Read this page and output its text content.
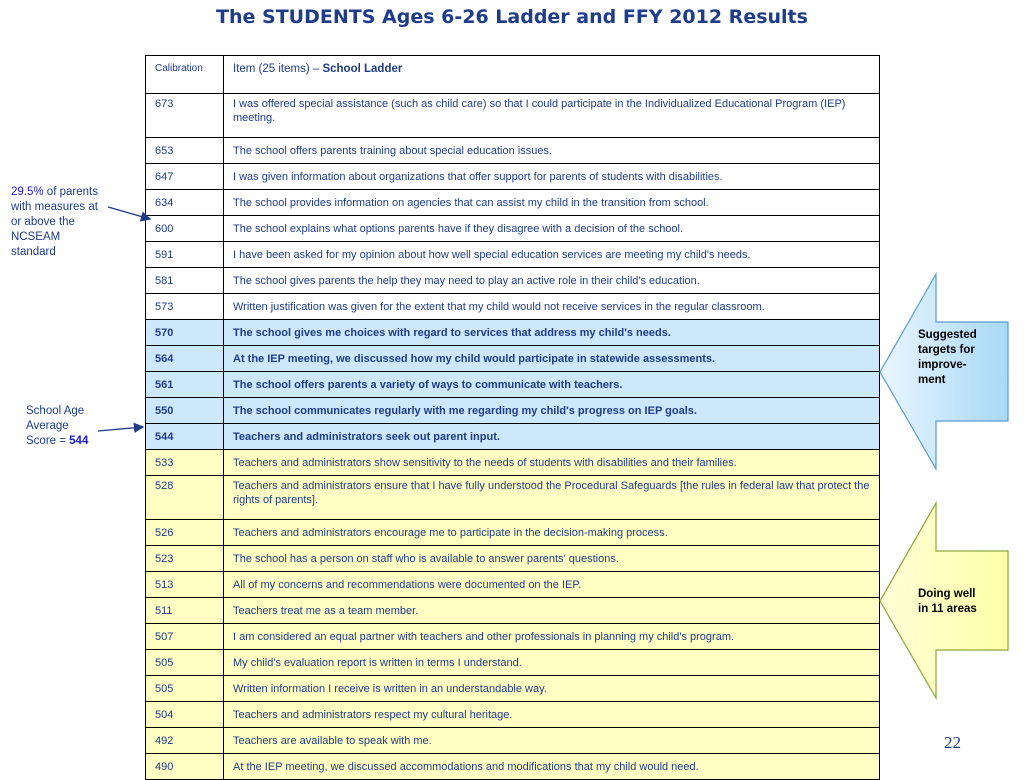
The STUDENTS Ages 6-26 Ladder and FFY 2012 Results
Calibration	Item (25 items) – School Ladder
673	I was offered special assistance (such as child care) so that I could participate in the Individualized Educational Program (IEP) meeting.
653	The school offers parents training about special education issues.
647	I was given information about organizations that offer support for parents of students with disabilities.
634	The school provides information on agencies that can assist my child in the transition from school.
600	The school explains what options parents have if they disagree with a decision of the school.
591	I have been asked for my opinion about how well special education services are meeting my child's needs.
581	The school gives parents the help they may need to play an active role in their child's education.
573	Written justification was given for the extent that my child would not receive services in the regular classroom.
570	The school gives me choices with regard to services that address my child's needs.
564	At the IEP meeting, we discussed how my child would participate in statewide assessments.
561	The school offers parents a variety of ways to communicate with teachers.
550	The school communicates regularly with me regarding my child's progress on IEP goals.
544	Teachers and administrators seek out parent input.
533	Teachers and administrators show sensitivity to the needs of students with disabilities and their families.
528	Teachers and administrators ensure that I have fully understood the Procedural Safeguards [the rules in federal law that protect the rights of parents].
526	Teachers and administrators encourage me to participate in the decision-making process.
523	The school has a person on staff who is available to answer parents' questions.
513	All of my concerns and recommendations were documented on the IEP.
511	Teachers treat me as a team member.
507	I am considered an equal partner with teachers and other professionals in planning my child's program.
505	My child's evaluation report is written in terms I understand.
505	Written information I receive is written in an understandable way.
504	Teachers and administrators respect my cultural heritage.
492	Teachers are available to speak with me.
490	At the IEP meeting, we discussed accommodations and modifications that my child would need.
29.5% of parents
with measures at
or above the
NCSEAM
standard
School Age
Average
Score = 544
Suggested
targets for
improve-
ment
Doing well
in 11 areas
22
